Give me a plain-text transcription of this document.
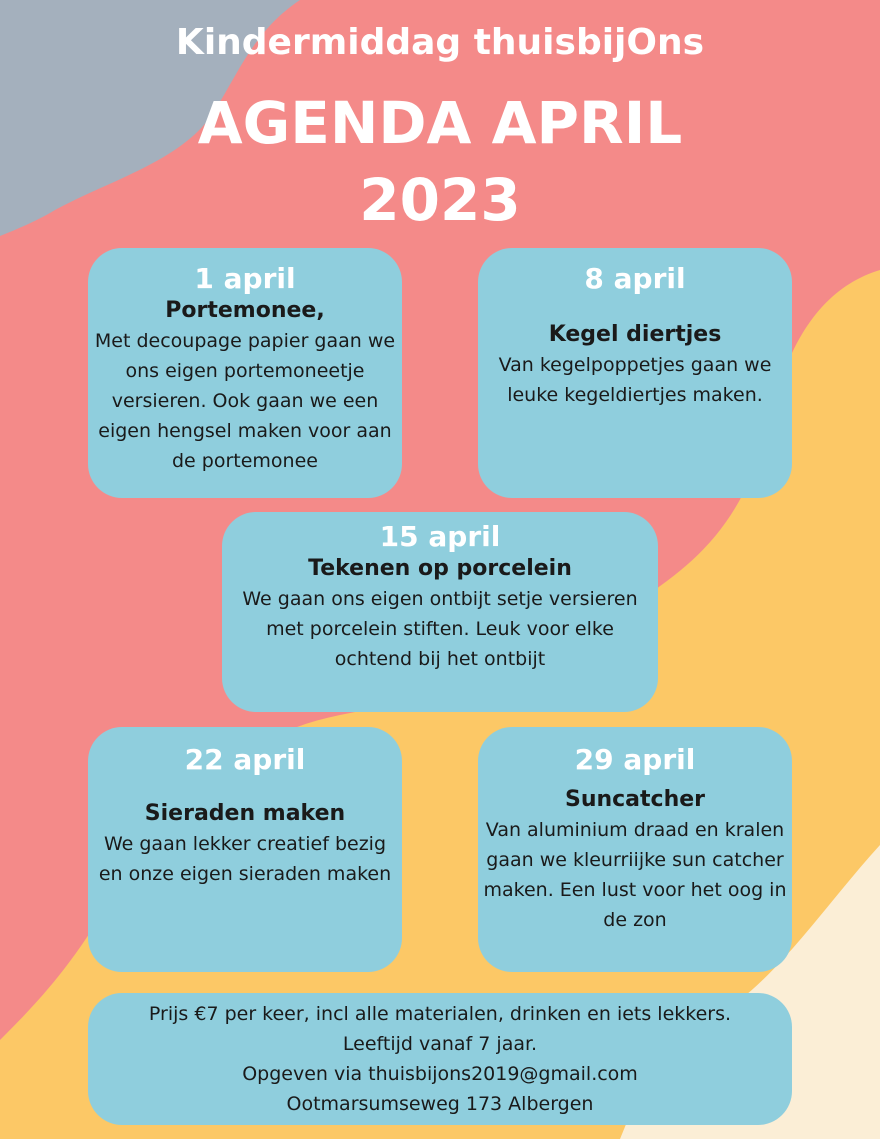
Kindermiddag thuisbijOns
AGENDA APRIL
2023
1 april
Portemonee,
Met decoupage papier gaan we
ons eigen portemoneetje
versieren. Ook gaan we een
eigen hengsel maken voor aan
de portemonee
8 april
Kegel diertjes
Van kegelpoppetjes gaan we
leuke kegeldiertjes maken.
15 april
Tekenen op porcelein
We gaan ons eigen ontbijt setje versieren
met porcelein stiften. Leuk voor elke
ochtend bij het ontbijt
22 april
Sieraden maken
We gaan lekker creatief bezig
en onze eigen sieraden maken
29 april
Suncatcher
Van aluminium draad en kralen
gaan we kleurriijke sun catcher
maken. Een lust voor het oog in
de zon
Prijs €7 per keer, incl alle materialen, drinken en iets lekkers.
Leeftijd vanaf 7 jaar.
Opgeven via thuisbijons2019@gmail.com
Ootmarsumseweg 173 Albergen
